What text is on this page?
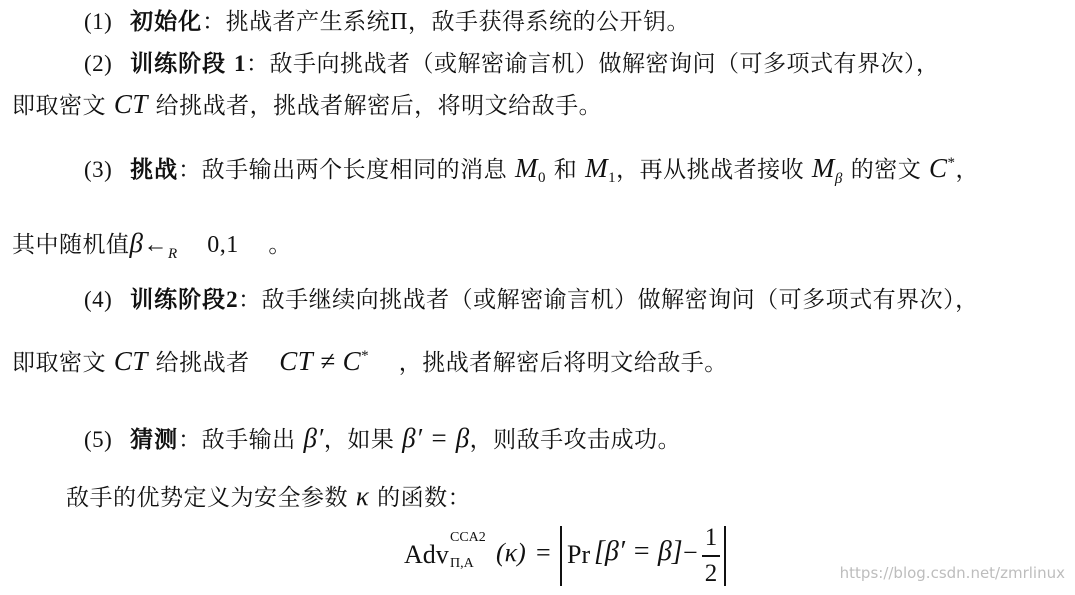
(1) 初始化：挑战者产生系统Π，敌手获得系统的公开钥。
(2) 训练阶段 1：敌手向挑战者（或解密谕言机）做解密询问（可多项式有界次），
即取密文 CT 给挑战者，挑战者解密后，将明文给敌手。
(3) 挑战：敌手输出两个长度相同的消息 $M_0$ 和 $M_1$，再从挑战者接收 $M_\beta$ 的密文 C*，
其中随机值$\beta\leftarrow_R$ 0,1 。
(4) 训练阶段2：敌手继续向挑战者（或解密谕言机）做解密询问（可多项式有界次），
即取密文 CT 给挑战者 CT ≠ C* ，挑战者解密后将明文给敌手。
(5) 猜测：敌手输出 β′，如果 β′ = β，则敌手攻击成功。
敌手的优势定义为安全参数 κ 的函数：
Adv
CCA2
Π,A (κ) = Pr [β′ = β] −
1
2	https://blog.csdn.net/zmrlinux
